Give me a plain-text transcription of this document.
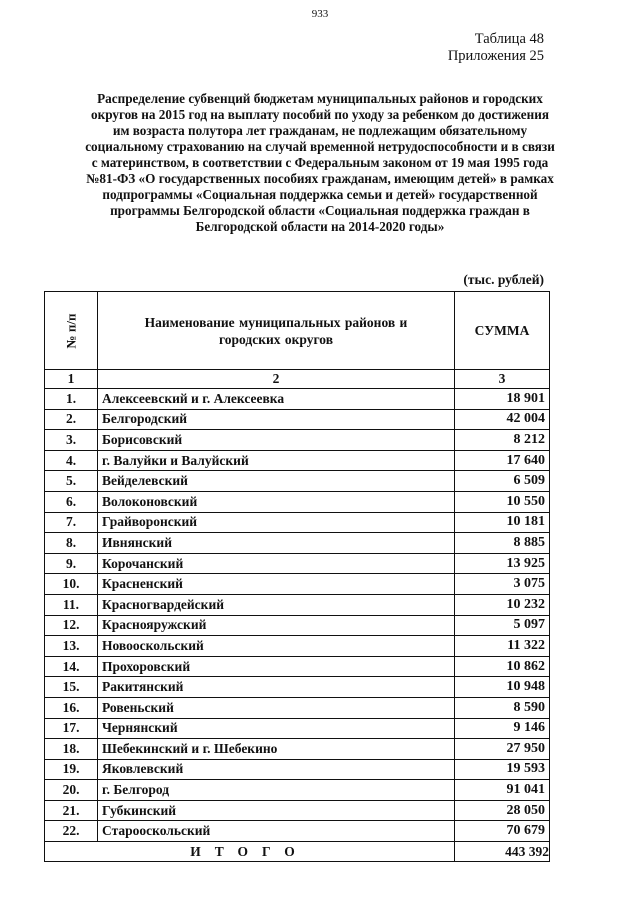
933
Таблица 48
Приложения 25
Распределение субвенций бюджетам муниципальных районов и городских
округов на 2015 год на выплату пособий по уходу за ребенком до достижения
им возраста полутора лет гражданам, не подлежащим обязательному
социальному страхованию на случай временной нетрудоспособности и в связи
с материнством, в соответствии с Федеральным законом от 19 мая 1995 года
№81-ФЗ «О государственных пособиях гражданам, имеющим детей» в рамках
подпрограммы «Социальная поддержка семьи и детей» государственной
программы Белгородской области «Социальная поддержка граждан в
Белгородской области на 2014-2020 годы»
(тыс. рублей)
№ п/п	Наименование муниципальных районов и
городских округов	СУММА
1	2	3
1.	Алексеевский и г. Алексеевка	18 901
2.	Белгородский	42 004
3.	Борисовский	8 212
4.	г. Валуйки и Валуйский	17 640
5.	Вейделевский	6 509
6.	Волоконовский	10 550
7.	Грайворонский	10 181
8.	Ивнянский	8 885
9.	Корочанский	13 925
10.	Красненский	3 075
11.	Красногвардейский	10 232
12.	Краснояружский	5 097
13.	Новооскольский	11 322
14.	Прохоровский	10 862
15.	Ракитянский	10 948
16.	Ровеньский	8 590
17.	Чернянский	9 146
18.	Шебекинский и г. Шебекино	27 950
19.	Яковлевский	19 593
20.	г. Белгород	91 041
21.	Губкинский	28 050
22.	Старооскольский	70 679
ИТОГО		443 392
